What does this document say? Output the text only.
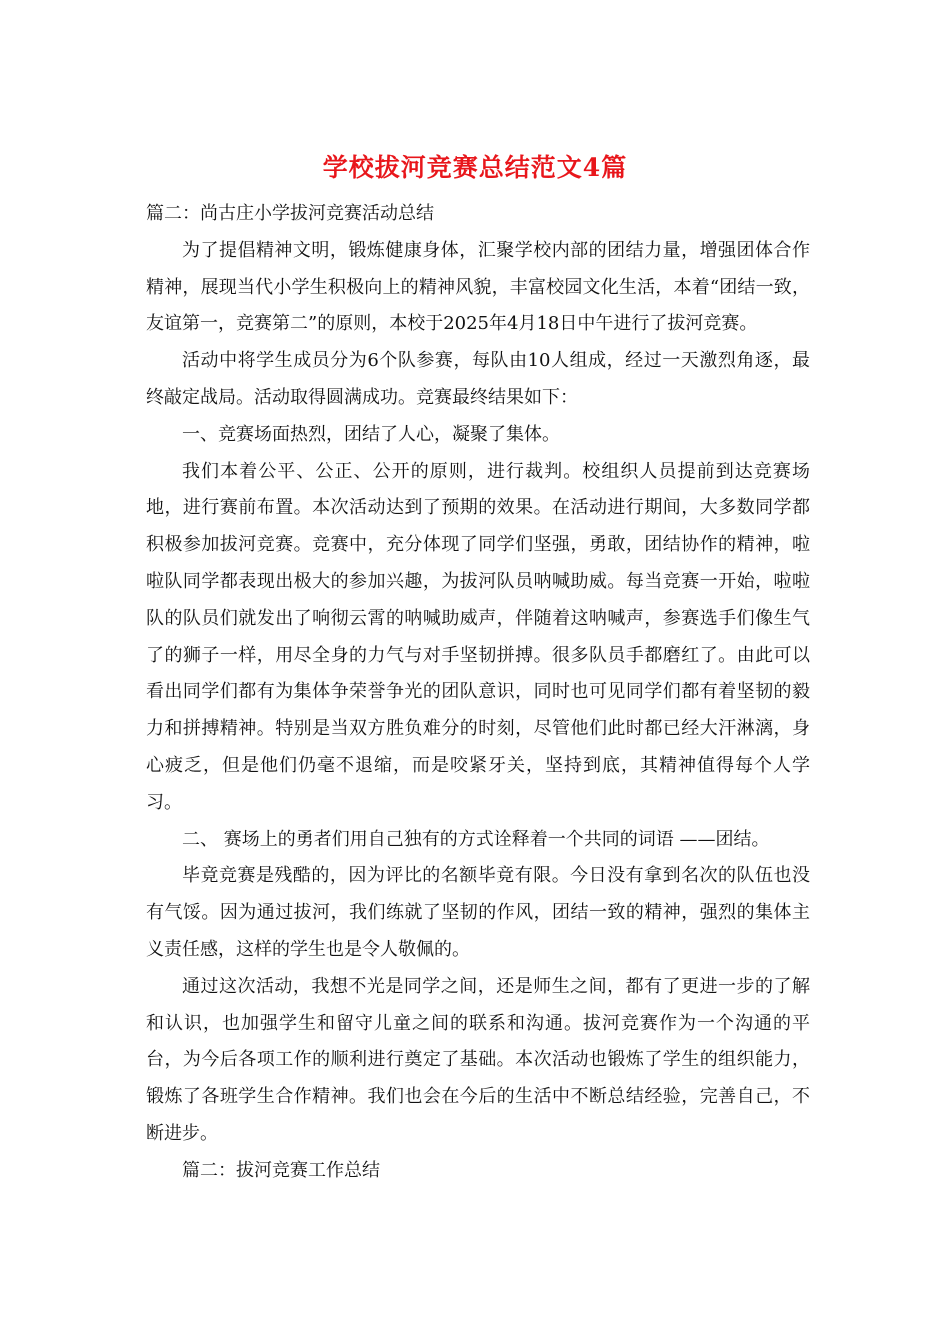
学校拔河竞赛总结范文4篇

篇二：尚古庄小学拔河竞赛活动总结

为了提倡精神文明，锻炼健康身体，汇聚学校内部的团结力量，增强团体合作精神，展现当代小学生积极向上的精神风貌，丰富校园文化生活，本着“团结一致，友谊第一，竞赛第二”的原则，本校于2025年4月18日中午进行了拔河竞赛。

活动中将学生成员分为6个队参赛，每队由10人组成，经过一天激烈角逐，最终敲定战局。活动取得圆满成功。竞赛最终结果如下：

一、竞赛场面热烈，团结了人心，凝聚了集体。

我们本着公平、公正、公开的原则，进行裁判。校组织人员提前到达竞赛场地，进行赛前布置。本次活动达到了预期的效果。在活动进行期间，大多数同学都积极参加拔河竞赛。竞赛中，充分体现了同学们坚强，勇敢，团结协作的精神，啦啦队同学都表现出极大的参加兴趣，为拔河队员呐喊助威。每当竞赛一开始，啦啦队的队员们就发出了响彻云霄的呐喊助威声，伴随着这呐喊声，参赛选手们像生气了的狮子一样，用尽全身的力气与对手坚韧拼搏。很多队员手都磨红了。由此可以看出同学们都有为集体争荣誉争光的团队意识，同时也可见同学们都有着坚韧的毅力和拼搏精神。特别是当双方胜负难分的时刻，尽管他们此时都已经大汗淋漓，身心疲乏，但是他们仍毫不退缩，而是咬紧牙关，坚持到底，其精神值得每个人学习。

二、 赛场上的勇者们用自己独有的方式诠释着一个共同的词语 ——团结。

毕竟竞赛是残酷的，因为评比的名额毕竟有限。今日没有拿到名次的队伍也没有气馁。因为通过拔河，我们练就了坚韧的作风，团结一致的精神，强烈的集体主义责任感，这样的学生也是令人敬佩的。

通过这次活动，我想不光是同学之间，还是师生之间，都有了更进一步的了解和认识，也加强学生和留守儿童之间的联系和沟通。拔河竞赛作为一个沟通的平台，为今后各项工作的顺利进行奠定了基础。本次活动也锻炼了学生的组织能力，锻炼了各班学生合作精神。我们也会在今后的生活中不断总结经验，完善自己，不断进步。

篇二：拔河竞赛工作总结
